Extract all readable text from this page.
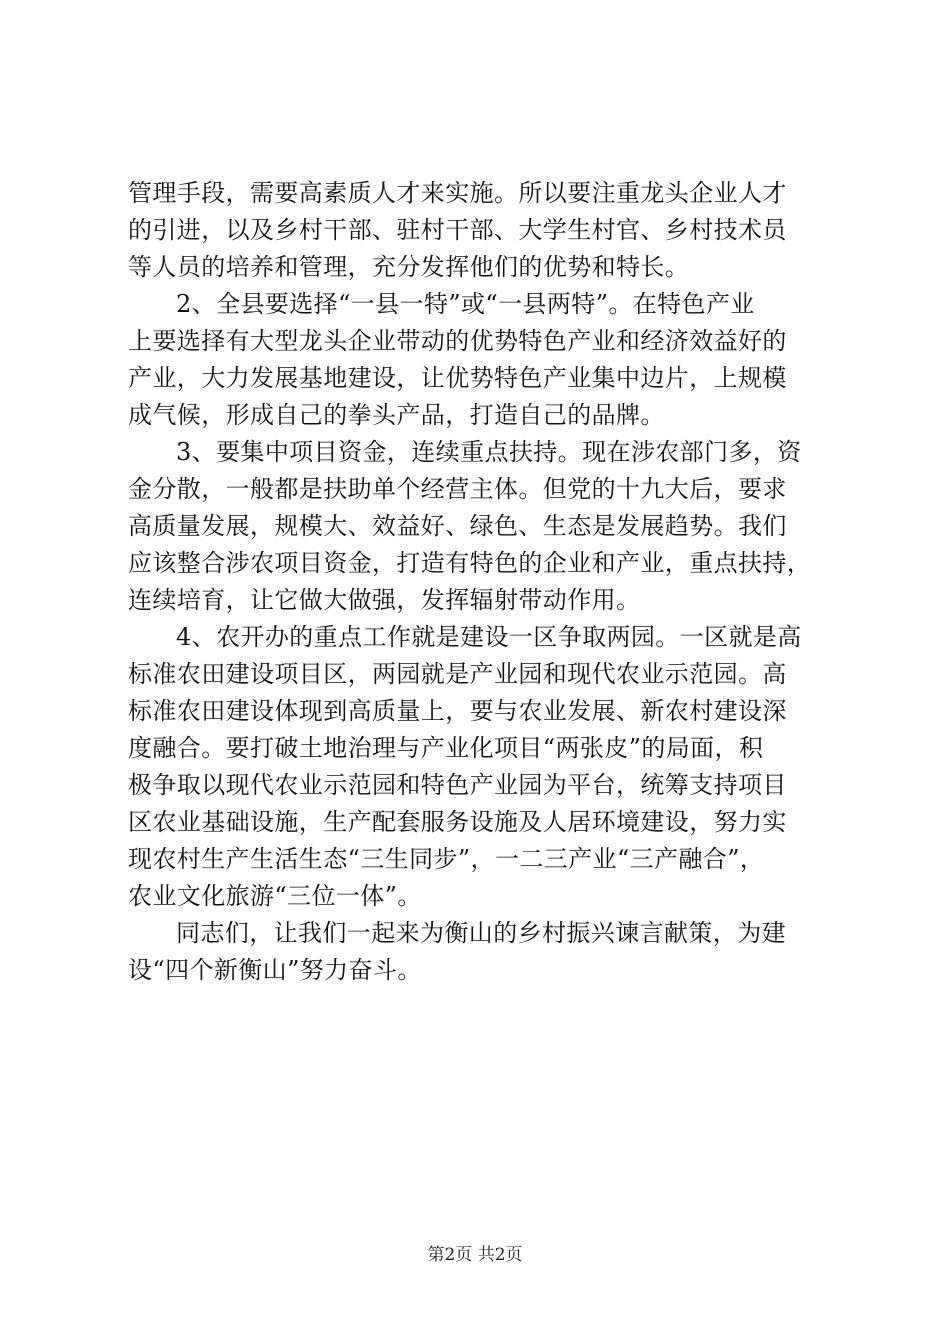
管理手段，需要高素质人才来实施。所以要注重龙头企业人才
的引进，以及乡村干部、驻村干部、大学生村官、乡村技术员
等人员的培养和管理，充分发挥他们的优势和特长。
2、全县要选择“一县一特”或“一县两特”。在特色产业
上要选择有大型龙头企业带动的优势特色产业和经济效益好的
产业，大力发展基地建设，让优势特色产业集中边片，上规模
成气候，形成自己的拳头产品，打造自己的品牌。
3、要集中项目资金，连续重点扶持。现在涉农部门多，资
金分散，一般都是扶助单个经营主体。但党的十九大后，要求
高质量发展，规模大、效益好、绿色、生态是发展趋势。我们
应该整合涉农项目资金，打造有特色的企业和产业，重点扶持，
连续培育，让它做大做强，发挥辐射带动作用。
4、农开办的重点工作就是建设一区争取两园。一区就是高
标准农田建设项目区，两园就是产业园和现代农业示范园。高
标准农田建设体现到高质量上，要与农业发展、新农村建设深
度融合。要打破土地治理与产业化项目“两张皮”的局面，积
极争取以现代农业示范园和特色产业园为平台，统筹支持项目
区农业基础设施，生产配套服务设施及人居环境建设，努力实
现农村生产生活生态“三生同步”，一二三产业“三产融合”，
农业文化旅游“三位一体”。
同志们，让我们一起来为衡山的乡村振兴谏言献策，为建
设“四个新衡山”努力奋斗。
第2页 共2页
